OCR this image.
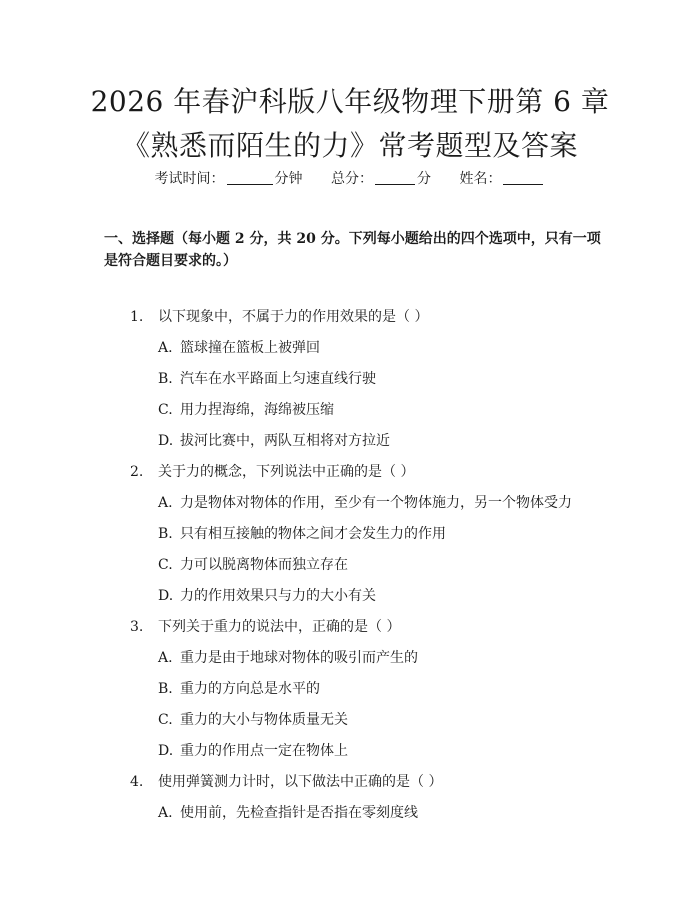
2026 年春沪科版八年级物理下册第 6 章《熟悉而陌生的力》常考题型及答案
考试时间：	分钟 总分：	分 姓名：
一、选择题（每小题 2 分，共 20 分。下列每小题给出的四个选项中，只有一项是符合题目要求的。）
1. 以下现象中，不属于力的作用效果的是（ ）
A. 篮球撞在篮板上被弹回
B. 汽车在水平路面上匀速直线行驶
C. 用力捏海绵，海绵被压缩
D. 拔河比赛中，两队互相将对方拉近
2. 关于力的概念，下列说法中正确的是（ ）
A. 力是物体对物体的作用，至少有一个物体施力，另一个物体受力
B. 只有相互接触的物体之间才会发生力的作用
C. 力可以脱离物体而独立存在
D. 力的作用效果只与力的大小有关
3. 下列关于重力的说法中，正确的是（ ）
A. 重力是由于地球对物体的吸引而产生的
B. 重力的方向总是水平的
C. 重力的大小与物体质量无关
D. 重力的作用点一定在物体上
4. 使用弹簧测力计时，以下做法中正确的是（ ）
A. 使用前，先检查指针是否指在零刻度线
